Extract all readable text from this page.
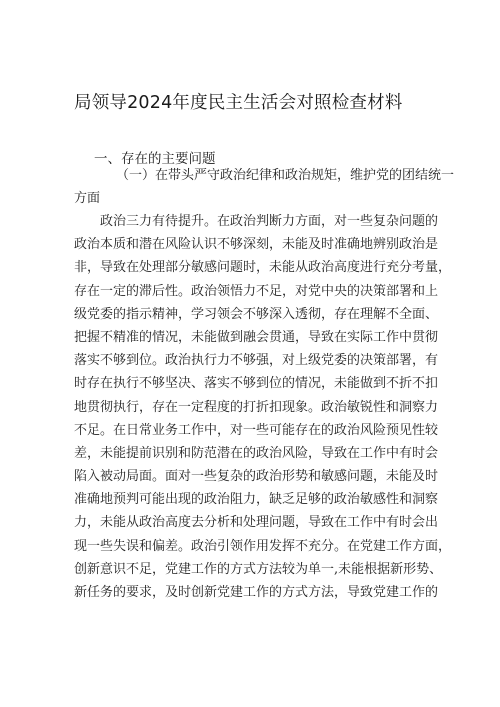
局领导2024年度民主生活会对照检查材料
一、存在的主要问题
（一）在带头严守政治纪律和政治规矩，维护党的团结统一
方面
政治三力有待提升。在政治判断力方面，对一些复杂问题的
政治本质和潜在风险认识不够深刻，未能及时准确地辨别政治是
非，导致在处理部分敏感问题时，未能从政治高度进行充分考量，
存在一定的滞后性。政治领悟力不足，对党中央的决策部署和上
级党委的指示精神，学习领会不够深入透彻，存在理解不全面、
把握不精准的情况，未能做到融会贯通，导致在实际工作中贯彻
落实不够到位。政治执行力不够强，对上级党委的决策部署，有
时存在执行不够坚决、落实不够到位的情况，未能做到不折不扣
地贯彻执行，存在一定程度的打折扣现象。政治敏锐性和洞察力
不足。在日常业务工作中，对一些可能存在的政治风险预见性较
差，未能提前识别和防范潜在的政治风险，导致在工作中有时会
陷入被动局面。面对一些复杂的政治形势和敏感问题，未能及时
准确地预判可能出现的政治阻力，缺乏足够的政治敏感性和洞察
力，未能从政治高度去分析和处理问题，导致在工作中有时会出
现一些失误和偏差。政治引领作用发挥不充分。在党建工作方面，
创新意识不足，党建工作的方式方法较为单一,未能根据新形势、
新任务的要求，及时创新党建工作的方式方法，导致党建工作的
